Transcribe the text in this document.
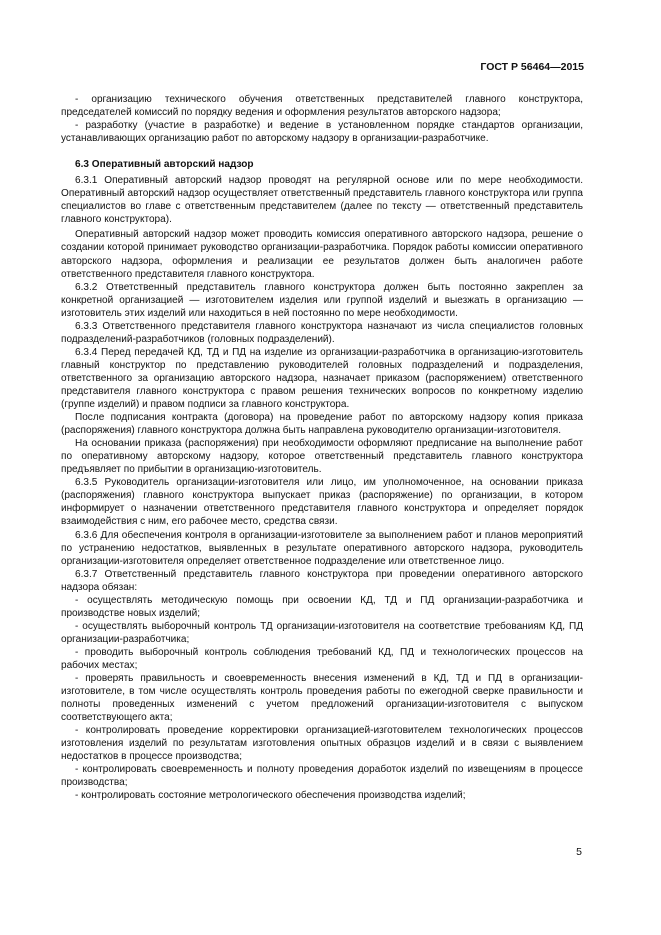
ГОСТ Р 56464—2015

- организацию технического обучения ответственных представителей главного конструктора, председателей комиссий по порядку ведения и оформления результатов авторского надзора;

- разработку (участие в разработке) и ведение в установленном порядке стандартов организации, устанавливающих организацию работ по авторскому надзору в организации-разработчике.

6.3 Оперативный авторский надзор

6.3.1 Оперативный авторский надзор проводят на регулярной основе или по мере необходимости. Оперативный авторский надзор осуществляет ответственный представитель главного конструктора или группа специалистов во главе с ответственным представителем (далее по тексту — ответственный представитель главного конструктора).

Оперативный авторский надзор может проводить комиссия оперативного авторского надзора, решение о создании которой принимает руководство организации-разработчика. Порядок работы комиссии оперативного авторского надзора, оформления и реализации ее результатов должен быть аналогичен работе ответственного представителя главного конструктора.

6.3.2 Ответственный представитель главного конструктора должен быть постоянно закреплен за конкретной организацией — изготовителем изделия или группой изделий и выезжать в организацию — изготовитель этих изделий или находиться в ней постоянно по мере необходимости.

6.3.3 Ответственного представителя главного конструктора назначают из числа специалистов головных подразделений-разработчиков (головных подразделений).

6.3.4 Перед передачей КД, ТД и ПД на изделие из организации-разработчика в организацию-изготовитель главный конструктор по представлению руководителей головных подразделений и подразделения, ответственного за организацию авторского надзора, назначает приказом (распоряжением) ответственного представителя главного конструктора с правом решения технических вопросов по конкретному изделию (группе изделий) и правом подписи за главного конструктора.

После подписания контракта (договора) на проведение работ по авторскому надзору копия приказа (распоряжения) главного конструктора должна быть направлена руководителю организации-изготовителя.

На основании приказа (распоряжения) при необходимости оформляют предписание на выполнение работ по оперативному авторскому надзору, которое ответственный представитель главного конструктора предъявляет по прибытии в организацию-изготовитель.

6.3.5 Руководитель организации-изготовителя или лицо, им уполномоченное, на основании приказа (распоряжения) главного конструктора выпускает приказ (распоряжение) по организации, в котором информирует о назначении ответственного представителя главного конструктора и определяет порядок взаимодействия с ним, его рабочее место, средства связи.

6.3.6 Для обеспечения контроля в организации-изготовителе за выполнением работ и планов мероприятий по устранению недостатков, выявленных в результате оперативного авторского надзора, руководитель организации-изготовителя определяет ответственное подразделение или ответственное лицо.

6.3.7 Ответственный представитель главного конструктора при проведении оперативного авторского надзора обязан:

- осуществлять методическую помощь при освоении КД, ТД и ПД организации-разработчика и производстве новых изделий;

- осуществлять выборочный контроль ТД организации-изготовителя на соответствие требованиям КД, ПД организации-разработчика;

- проводить выборочный контроль соблюдения требований КД, ПД и технологических процессов на рабочих местах;

- проверять правильность и своевременность внесения изменений в КД, ТД и ПД в организации-изготовителе, в том числе осуществлять контроль проведения работы по ежегодной сверке правильности и полноты проведенных изменений с учетом предложений организации-изготовителя с выпуском соответствующего акта;

- контролировать проведение корректировки организацией-изготовителем технологических процессов изготовления изделий по результатам изготовления опытных образцов изделий и в связи с выявлением недостатков в процессе производства;

- контролировать своевременность и полноту проведения доработок изделий по извещениям в процессе производства;

- контролировать состояние метрологического обеспечения производства изделий;

5
